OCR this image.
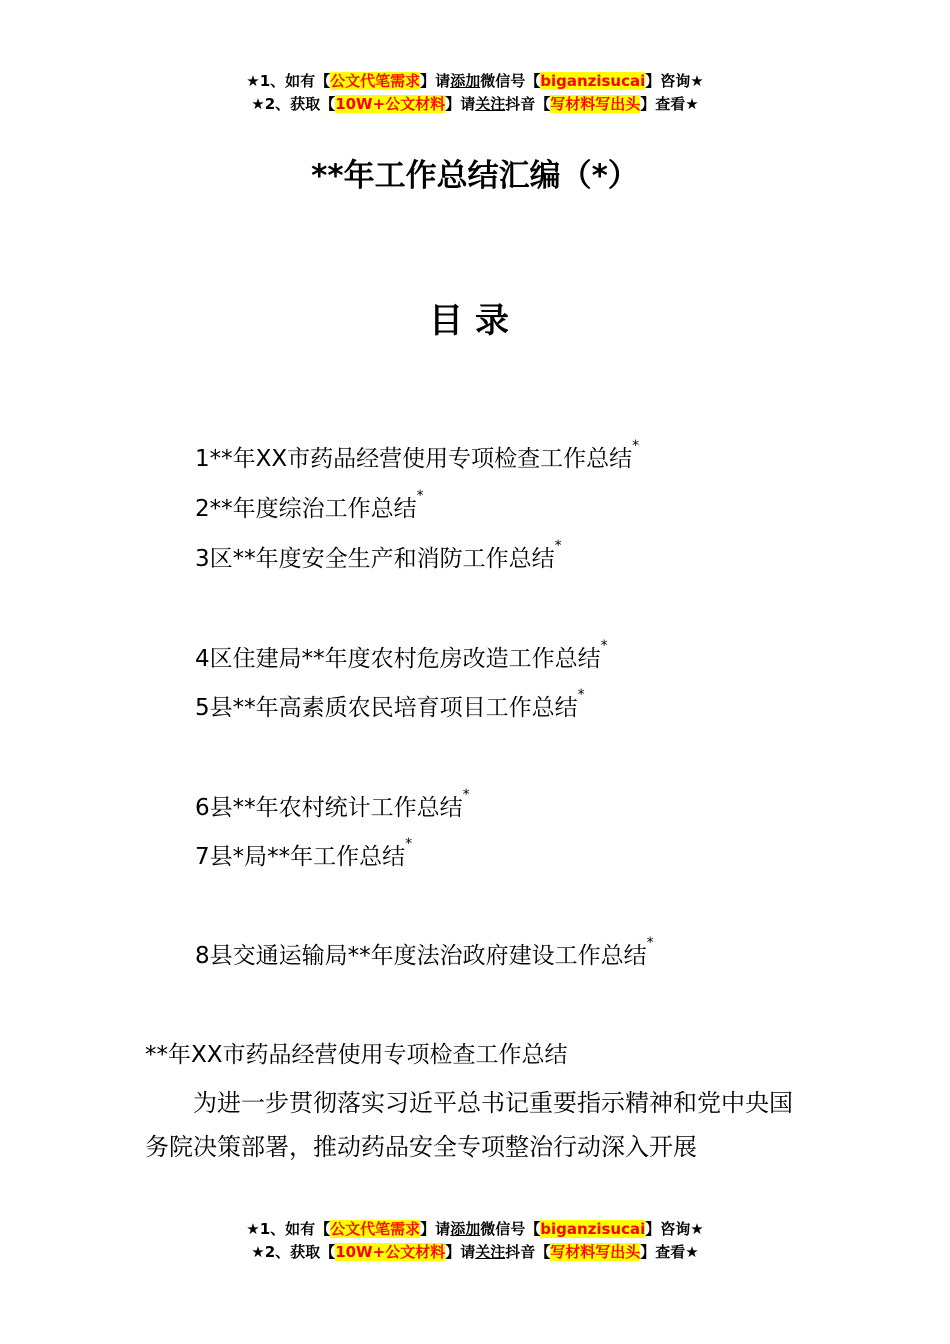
★1、如有【公文代笔需求】请添加微信号【biganzisucai】咨询★
★2、获取【10W+公文材料】请关注抖音【写材料写出头】查看★
**年工作总结汇编（*）
目录
1**年XX市药品经营使用专项检查工作总结*
2**年度综治工作总结*
3区**年度安全生产和消防工作总结*
4区住建局**年度农村危房改造工作总结*
5县**年高素质农民培育项目工作总结*
6县**年农村统计工作总结*
7县*局**年工作总结*
8县交通运输局**年度法治政府建设工作总结*
**年XX市药品经营使用专项检查工作总结
为进一步贯彻落实习近平总书记重要指示精神和党中央国务院决策部署，推动药品安全专项整治行动深入开展
★1、如有【公文代笔需求】请添加微信号【biganzisucai】咨询★
★2、获取【10W+公文材料】请关注抖音【写材料写出头】查看★
